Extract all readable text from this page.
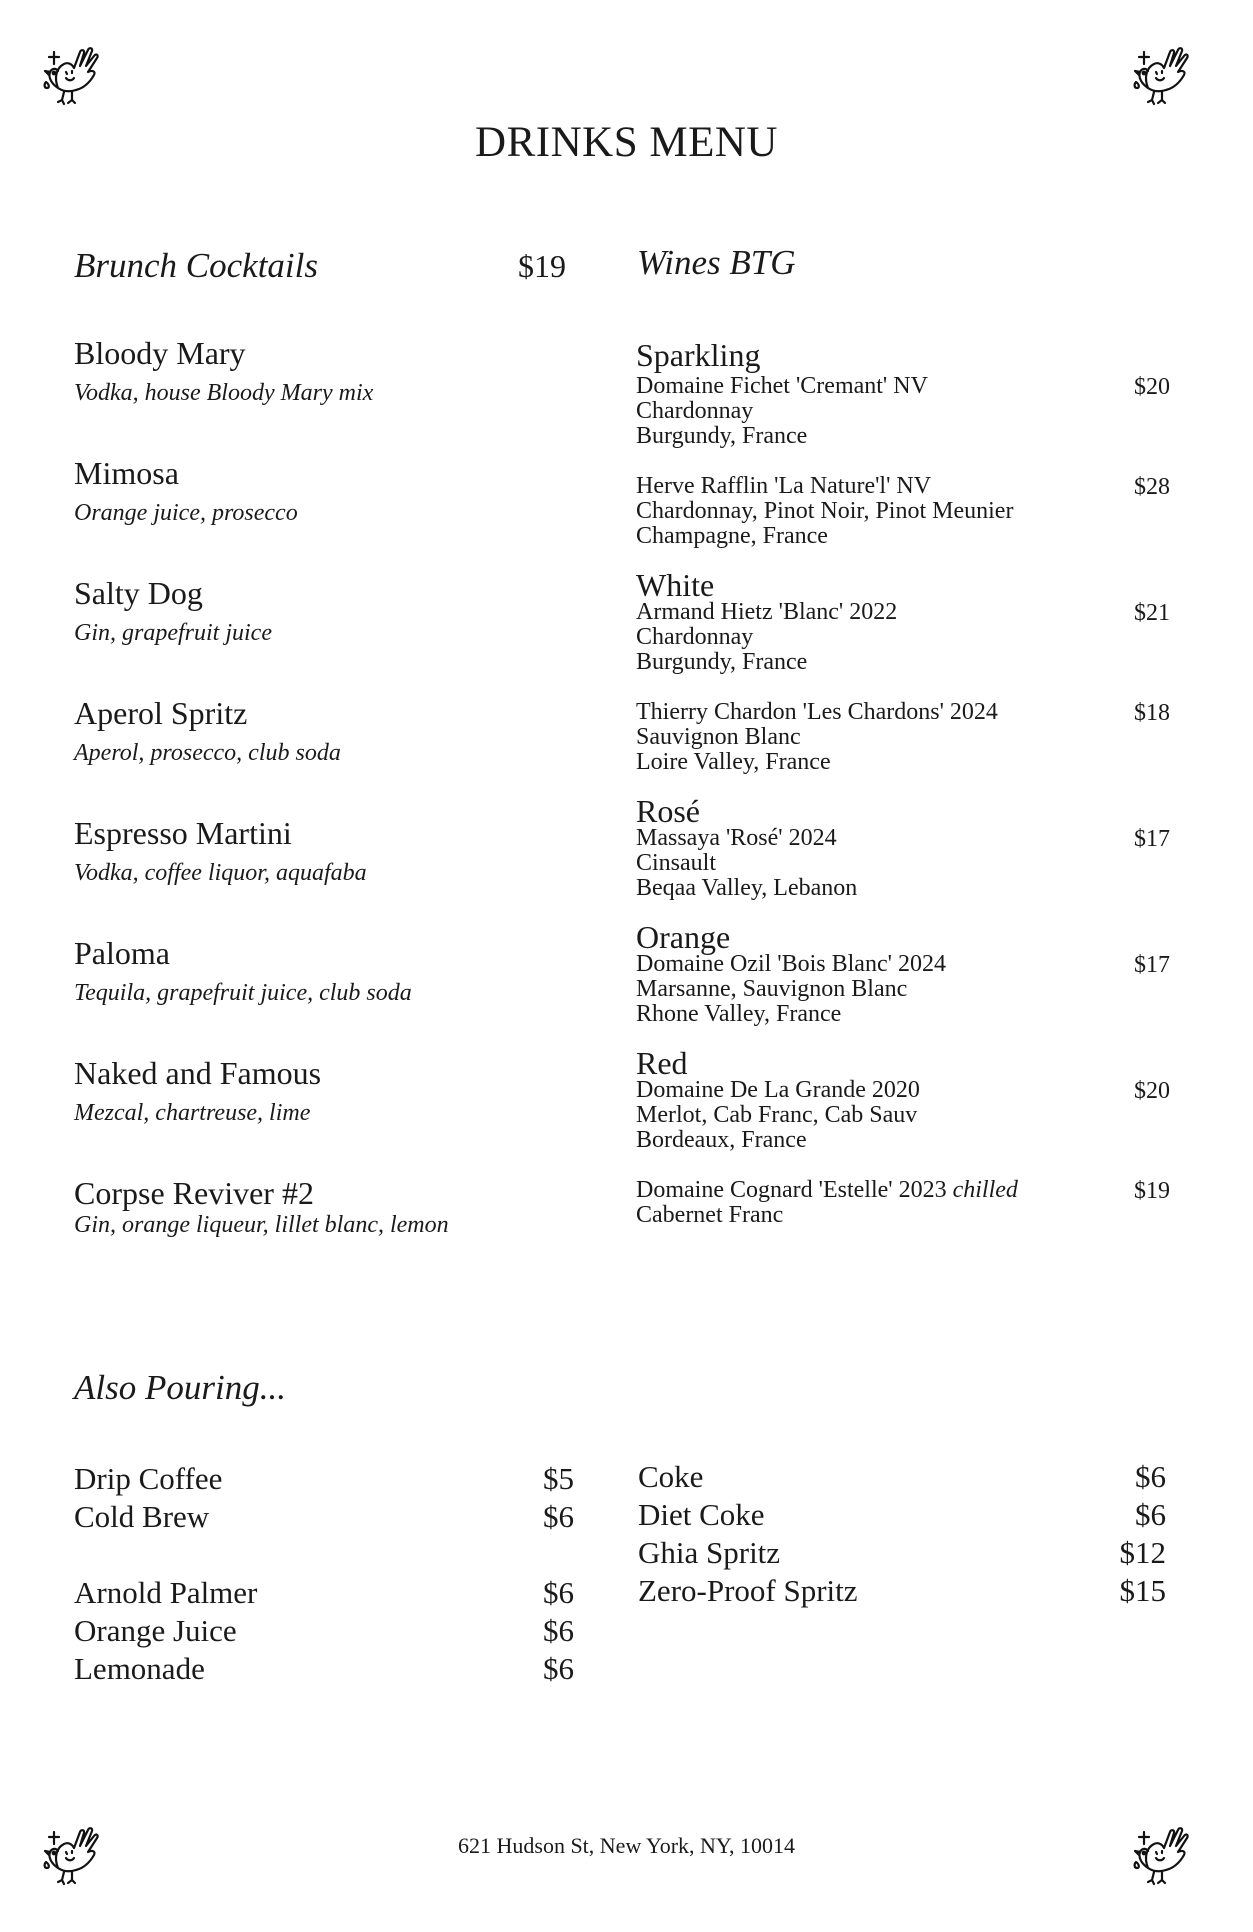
DRINKS MENU
Brunch Cocktails	$19
Bloody Mary
Vodka, house Bloody Mary mix
Mimosa
Orange juice, prosecco
Salty Dog
Gin, grapefruit juice
Aperol Spritz
Aperol, prosecco, club soda
Espresso Martini
Vodka, coffee liquor, aquafaba
Paloma
Tequila, grapefruit juice, club soda
Naked and Famous
Mezcal, chartreuse, lime
Corpse Reviver #2
Gin, orange liqueur, lillet blanc, lemon
Wines BTG
Sparkling
Domaine Fichet 'Cremant' NV
Chardonnay
Burgundy, France
$20
Herve Rafflin 'La Nature'l' NV
Chardonnay, Pinot Noir, Pinot Meunier
Champagne, France
$28
White
Armand Hietz 'Blanc' 2022
Chardonnay
Burgundy, France
$21
Thierry Chardon 'Les Chardons' 2024
Sauvignon Blanc
Loire Valley, France
$18
Rosé
Massaya 'Rosé' 2024
Cinsault
Beqaa Valley, Lebanon
$17
Orange
Domaine Ozil 'Bois Blanc' 2024
Marsanne, Sauvignon Blanc
Rhone Valley, France
$17
Red
Domaine De La Grande 2020
Merlot, Cab Franc, Cab Sauv
Bordeaux, France
$20
Domaine Cognard 'Estelle' 2023 chilled
Cabernet Franc
$19
Also Pouring...
Drip Coffee	$5
Cold Brew	$6
Arnold Palmer	$6
Orange Juice	$6
Lemonade	$6
Coke	$6
Diet Coke	$6
Ghia Spritz	$12
Zero-Proof Spritz	$15
621 Hudson St, New York, NY, 10014
